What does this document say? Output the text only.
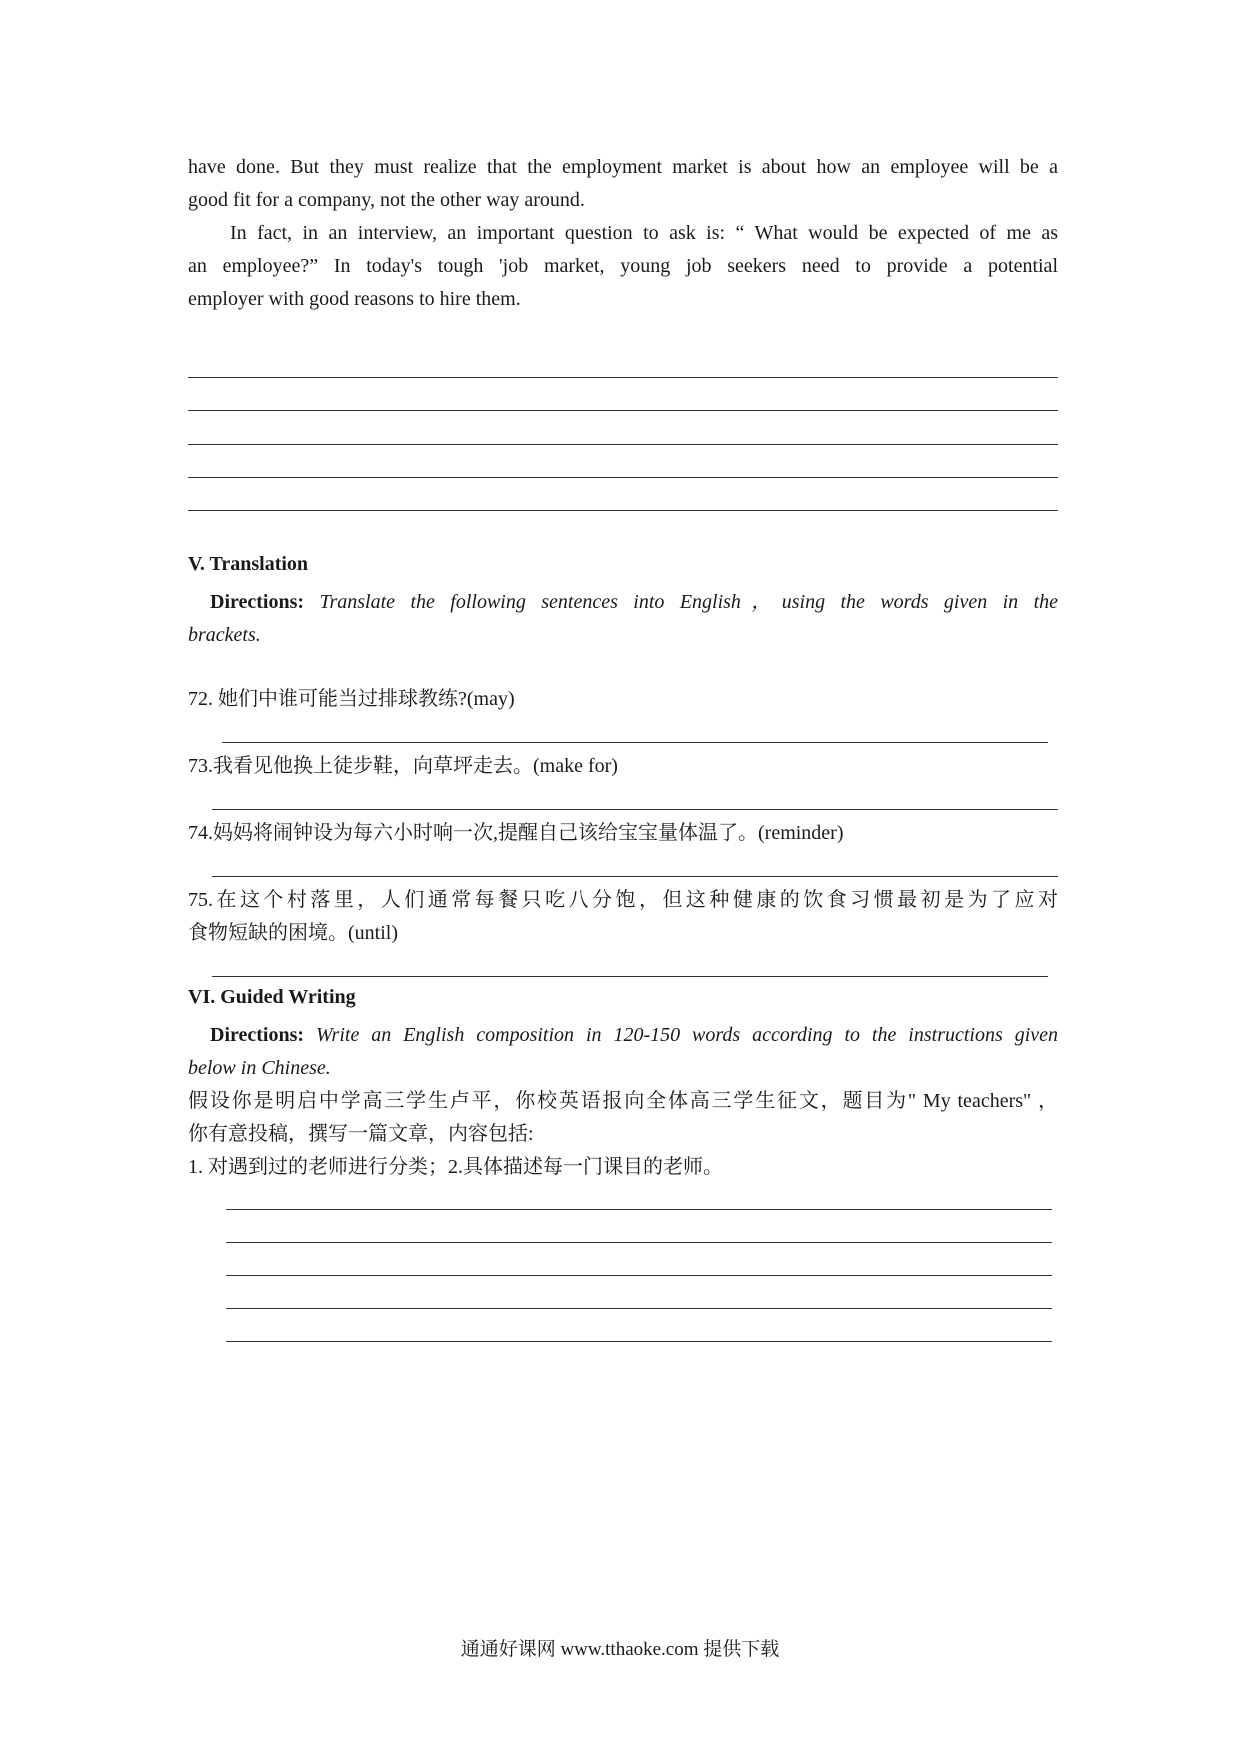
have done. But they must realize that the employment market is about how an employee will be a
good fit for a company, not the other way around.
In fact, in an interview, an important question to ask is: “ What would be expected of me as
an employee?” In today's tough 'job market, young job seekers need to provide a potential
employer with good reasons to hire them.
V. Translation
Directions: Translate the following sentences into English，using the words given in the
brackets.
72. 她们中谁可能当过排球教练?(may)
73.我看见他换上徒步鞋，向草坪走去。(make for)
74.妈妈将闹钟设为每六小时响一次,提醒自己该给宝宝量体温了。(reminder)
75.在这个村落里，人们通常每餐只吃八分饱，但这种健康的饮食习惯最初是为了应对
食物短缺的困境。(until)
VI. Guided Writing
Directions: Write an English composition in 120-150 words according to the instructions given
below in Chinese.
假设你是明启中学高三学生卢平，你校英语报向全体高三学生征文，题目为" My teachers" ，
你有意投稿，撰写一篇文章，内容包括:
1. 对遇到过的老师进行分类；2.具体描述每一门课目的老师。
通通好课网 www.tthaoke.com 提供下载
